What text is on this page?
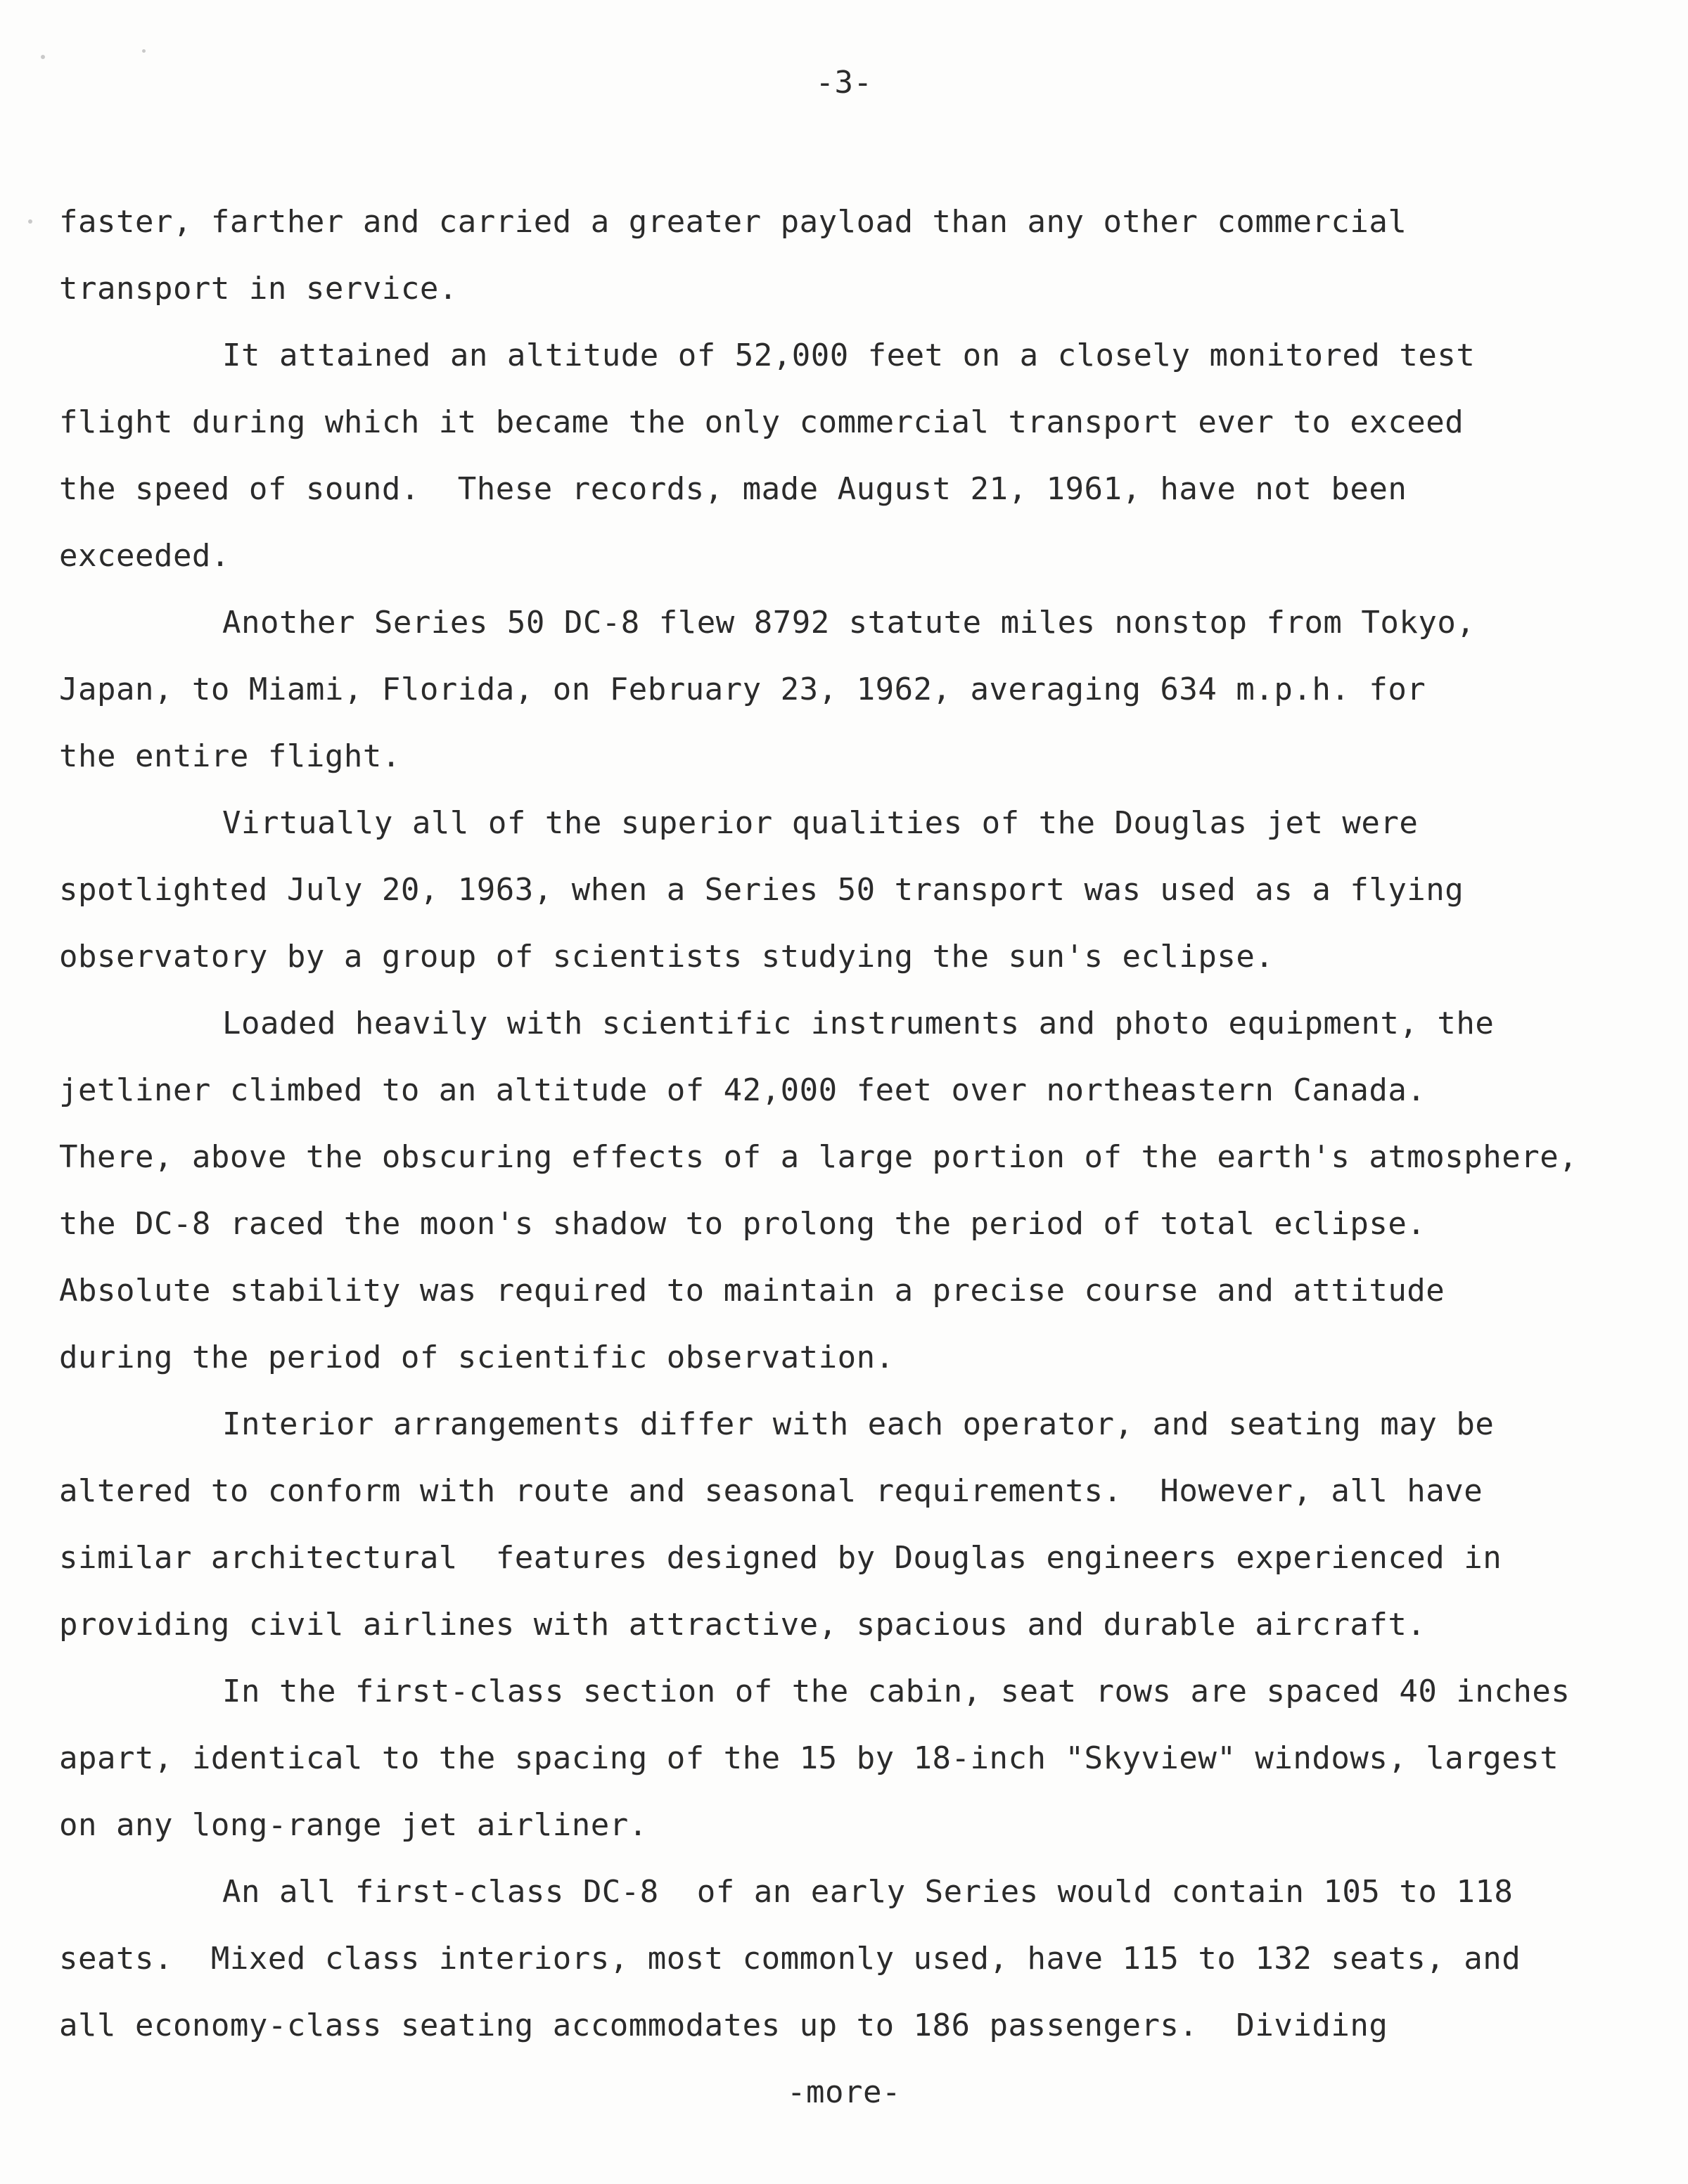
-3-

faster, farther and carried a greater payload than any other commercial
transport in service.
It attained an altitude of 52,000 feet on a closely monitored test
flight during which it became the only commercial transport ever to exceed
the speed of sound.  These records, made August 21, 1961, have not been
exceeded.
Another Series 50 DC-8 flew 8792 statute miles nonstop from Tokyo,
Japan, to Miami, Florida, on February 23, 1962, averaging 634 m.p.h. for
the entire flight.
Virtually all of the superior qualities of the Douglas jet were
spotlighted July 20, 1963, when a Series 50 transport was used as a flying
observatory by a group of scientists studying the sun's eclipse.
Loaded heavily with scientific instruments and photo equipment, the
jetliner climbed to an altitude of 42,000 feet over northeastern Canada.
There, above the obscuring effects of a large portion of the earth's atmosphere,
the DC-8 raced the moon's shadow to prolong the period of total eclipse.
Absolute stability was required to maintain a precise course and attitude
during the period of scientific observation.
Interior arrangements differ with each operator, and seating may be
altered to conform with route and seasonal requirements.  However, all have
similar architectural  features designed by Douglas engineers experienced in
providing civil airlines with attractive, spacious and durable aircraft.
In the first-class section of the cabin, seat rows are spaced 40 inches
apart, identical to the spacing of the 15 by 18-inch "Skyview" windows, largest
on any long-range jet airliner.
An all first-class DC-8  of an early Series would contain 105 to 118
seats.  Mixed class interiors, most commonly used, have 115 to 132 seats, and
all economy-class seating accommodates up to 186 passengers.  Dividing

-more-
